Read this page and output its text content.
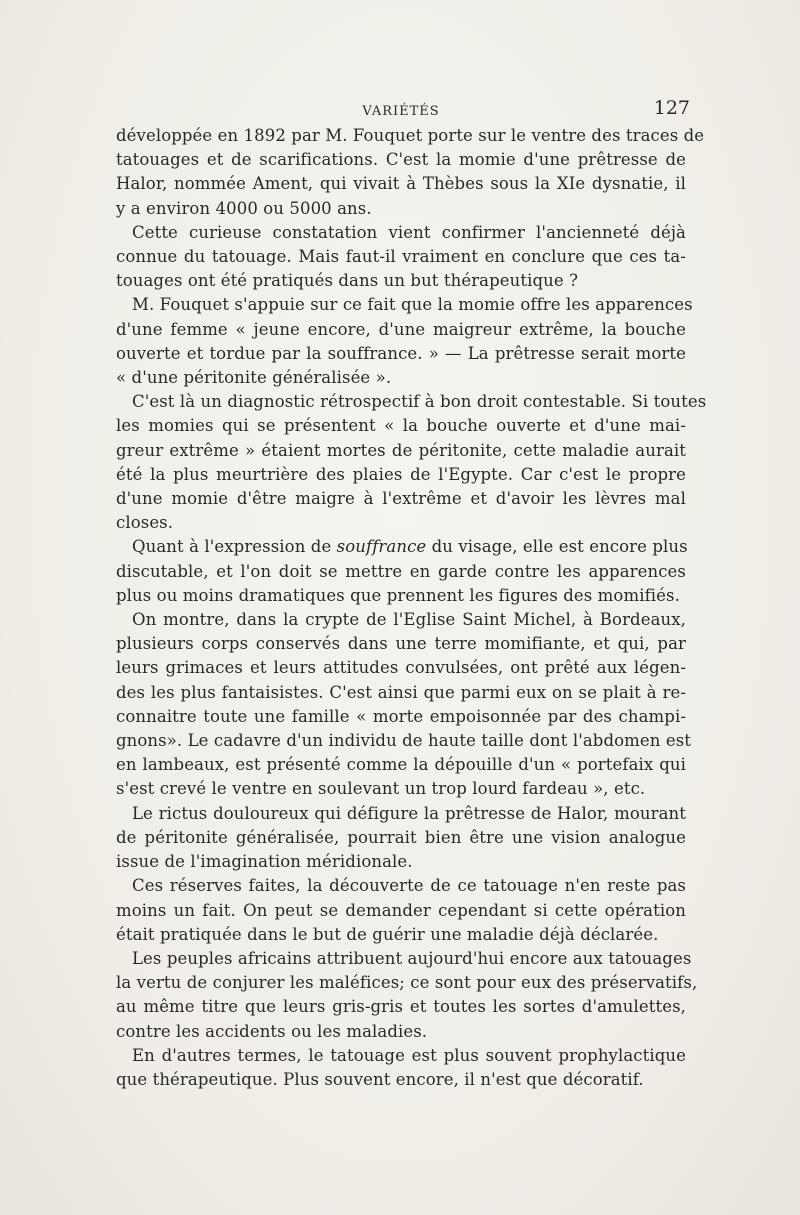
VARIÉTÉS	127
développée en 1892 par M. Fouquet porte sur le ventre des traces de
tatouages et de scarifications. C'est la momie d'une prêtresse de
Halor, nommée Ament, qui vivait à Thèbes sous la XIe dysnatie, il
y a environ 4000 ou 5000 ans.
Cette curieuse constatation vient confirmer l'ancienneté déjà
connue du tatouage. Mais faut-il vraiment en conclure que ces ta-
touages ont été pratiqués dans un but thérapeutique ?
M. Fouquet s'appuie sur ce fait que la momie offre les apparences
d'une femme « jeune encore, d'une maigreur extrême, la bouche
ouverte et tordue par la souffrance. » — La prêtresse serait morte
« d'une péritonite généralisée ».
C'est là un diagnostic rétrospectif à bon droit contestable. Si toutes
les momies qui se présentent « la bouche ouverte et d'une mai-
greur extrême » étaient mortes de péritonite, cette maladie aurait
été la plus meurtrière des plaies de l'Egypte. Car c'est le propre
d'une momie d'être maigre à l'extrême et d'avoir les lèvres mal
closes.
Quant à l'expression de souffrance du visage, elle est encore plus
discutable, et l'on doit se mettre en garde contre les apparences
plus ou moins dramatiques que prennent les figures des momifiés.
On montre, dans la crypte de l'Eglise Saint Michel, à Bordeaux,
plusieurs corps conservés dans une terre momifiante, et qui, par
leurs grimaces et leurs attitudes convulsées, ont prêté aux légen-
des les plus fantaisistes. C'est ainsi que parmi eux on se plait à re-
connaitre toute une famille « morte empoisonnée par des champi-
gnons». Le cadavre d'un individu de haute taille dont l'abdomen est
en lambeaux, est présenté comme la dépouille d'un « portefaix qui
s'est crevé le ventre en soulevant un trop lourd fardeau », etc.
Le rictus douloureux qui défigure la prêtresse de Halor, mourant
de péritonite généralisée, pourrait bien être une vision analogue
issue de l'imagination méridionale.
Ces réserves faites, la découverte de ce tatouage n'en reste pas
moins un fait. On peut se demander cependant si cette opération
était pratiquée dans le but de guérir une maladie déjà déclarée.
Les peuples africains attribuent aujourd'hui encore aux tatouages
la vertu de conjurer les maléfices; ce sont pour eux des préservatifs,
au même titre que leurs gris-gris et toutes les sortes d'amulettes,
contre les accidents ou les maladies.
En d'autres termes, le tatouage est plus souvent prophylactique
que thérapeutique. Plus souvent encore, il n'est que décoratif.
